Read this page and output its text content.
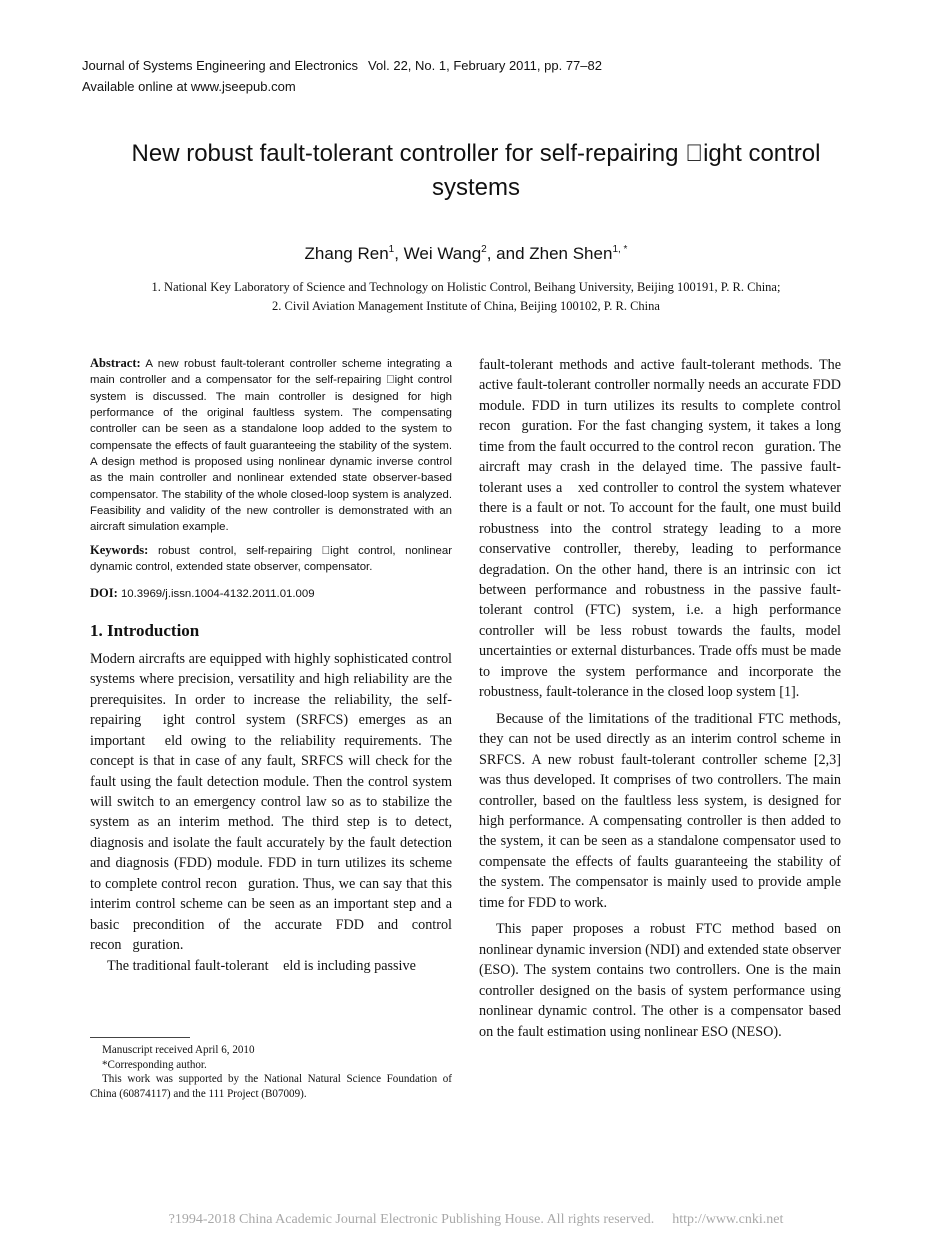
Journal of Systems Engineering and Electronics Vol. 22, No. 1, February 2011, pp. 77–82
Available online at www.jseepub.com
New robust fault-tolerant controller for self-repairing  ight control systems
Zhang Ren$^1$, Wei Wang$^2$, and Zhen Shen$^{1, *}$
1. National Key Laboratory of Science and Technology on Holistic Control, Beihang University, Beijing 100191, P. R. China;
2. Civil Aviation Management Institute of China, Beijing 100102, P. R. China

Abstract: A new robust fault-tolerant controller scheme integrating a main controller and a compensator for the self-repairing  ight control system is discussed. The main controller is designed for high performance of the original faultless system. The compensating controller can be seen as a standalone loop added to the system to compensate the effects of fault guaranteeing the stability of the system. A design method is proposed using nonlinear dynamic inverse control as the main controller and nonlinear extended state observer-based compensator. The stability of the whole closed-loop system is analyzed. Feasibility and validity of the new controller is demonstrated with an aircraft simulation example.

Keywords: robust control, self-repairing  ight control, nonlinear dynamic control, extended state observer, compensator.

DOI: 10.3969/j.issn.1004-4132.2011.01.009

1. Introduction

Modern aircrafts are equipped with highly sophisticated control systems where precision, versatility and high reliability are the prerequisites. In order to increase the reliability, the self-repairing  ight control system (SRFCS) emerges as an important  eld owing to the reliability requirements. The concept is that in case of any fault, SRFCS will check for the fault using the fault detection module. Then the control system will switch to an emergency control law so as to stabilize the system as an interim method. The third step is to detect, diagnosis and isolate the fault accurately by the fault detection and diagnosis (FDD) module. FDD in turn utilizes its scheme to complete control recon guration. Thus, we can say that this interim control scheme can be seen as an important step and a basic precondition of the accurate FDD and control recon guration.

The traditional fault-tolerant  eld is including passive

Manuscript received April 6, 2010

*Corresponding author.

This work was supported by the National Natural Science Foundation of China (60874117) and the 111 Project (B07009).

fault-tolerant methods and active fault-tolerant methods. The active fault-tolerant controller normally needs an accurate FDD module. FDD in turn utilizes its results to complete control recon guration. For the fast changing system, it takes a long time from the fault occurred to the control recon guration. The aircraft may crash in the delayed time. The passive fault-tolerant uses a  xed controller to control the system whatever there is a fault or not. To account for the fault, one must build robustness into the control strategy leading to a more conservative controller, thereby, leading to performance degradation. On the other hand, there is an intrinsic con ict between performance and robustness in the passive fault-tolerant control (FTC) system, i.e. a high performance controller will be less robust towards the faults, model uncertainties or external disturbances. Trade offs must be made to improve the system performance and incorporate the robustness, fault-tolerance in the closed loop system [1].

Because of the limitations of the traditional FTC methods, they can not be used directly as an interim control scheme in SRFCS. A new robust fault-tolerant controller scheme [2,3] was thus developed. It comprises of two controllers. The main controller, based on the faultless less system, is designed for high performance. A compensating controller is then added to the system, it can be seen as a standalone compensator used to compensate the effects of faults guaranteeing the stability of the system. The compensator is mainly used to provide ample time for FDD to work.

This paper proposes a robust FTC method based on nonlinear dynamic inversion (NDI) and extended state observer (ESO). The system contains two controllers. One is the main controller designed on the basis of system performance using nonlinear dynamic control. The other is a compensator based on the fault estimation using nonlinear ESO (NESO).

?1994-2018 China Academic Journal Electronic Publishing House. All rights reserved. http://www.cnki.net
